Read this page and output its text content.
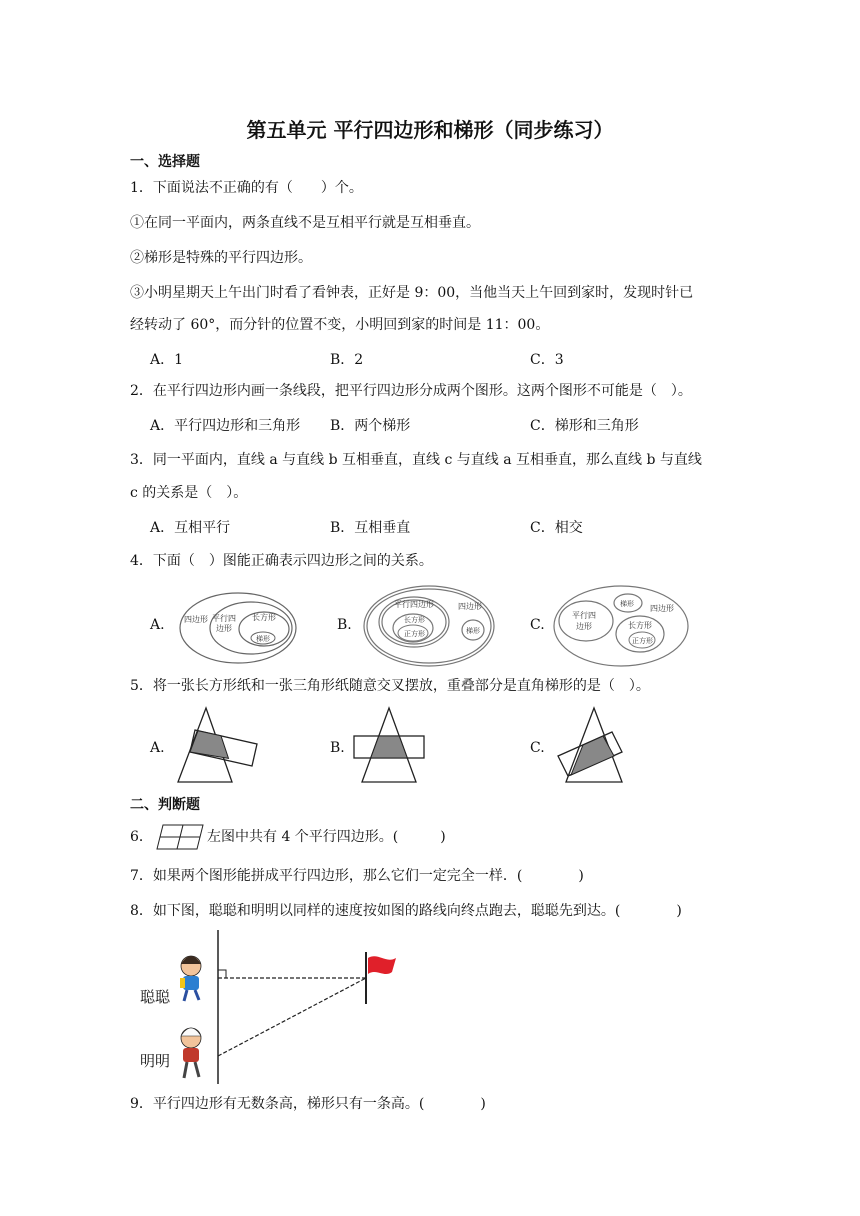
第五单元 平行四边形和梯形（同步练习）
一、选择题
1．下面说法不正确的有（　　）个。
①在同一平面内，两条直线不是互相平行就是互相垂直。
②梯形是特殊的平行四边形。
③小明星期天上午出门时看了看钟表，正好是 9：00，当他当天上午回到家时，发现时针已
经转动了 60°，而分针的位置不变，小明回到家的时间是 11：00。
A．1	B．2	C．3
2．在平行四边形内画一条线段，把平行四边形分成两个图形。这两个图形不可能是（　）。
A．平行四边形和三角形 B．两个梯形	C．梯形和三角形
3．同一平面内，直线 a 与直线 b 互相垂直，直线 c 与直线 a 互相垂直，那么直线 b 与直线
c 的关系是（　）。
A．互相平行	B．互相垂直	C．相交
4．下面（　）图能正确表示四边形之间的关系。
A.	B.	C.
四边形 平行四
边形
长方形
梯形
四边形
平行四边形
长方形
正方形	梯形
平行四
边形
梯形 四边形
长方形
正方形
5．将一张长方形纸和一张三角形纸随意交叉摆放，重叠部分是直角梯形的是（　）。
A.	B.	C.
二、判断题
6．	左图中共有 4 个平行四边形。(　　　)
7．如果两个图形能拼成平行四边形，那么它们一定完全一样．(　　　　)
8．如下图，聪聪和明明以同样的速度按如图的路线向终点跑去，聪聪先到达。(　　　　)
聪聪
明明
9．平行四边形有无数条高，梯形只有一条高。(　　　　)
